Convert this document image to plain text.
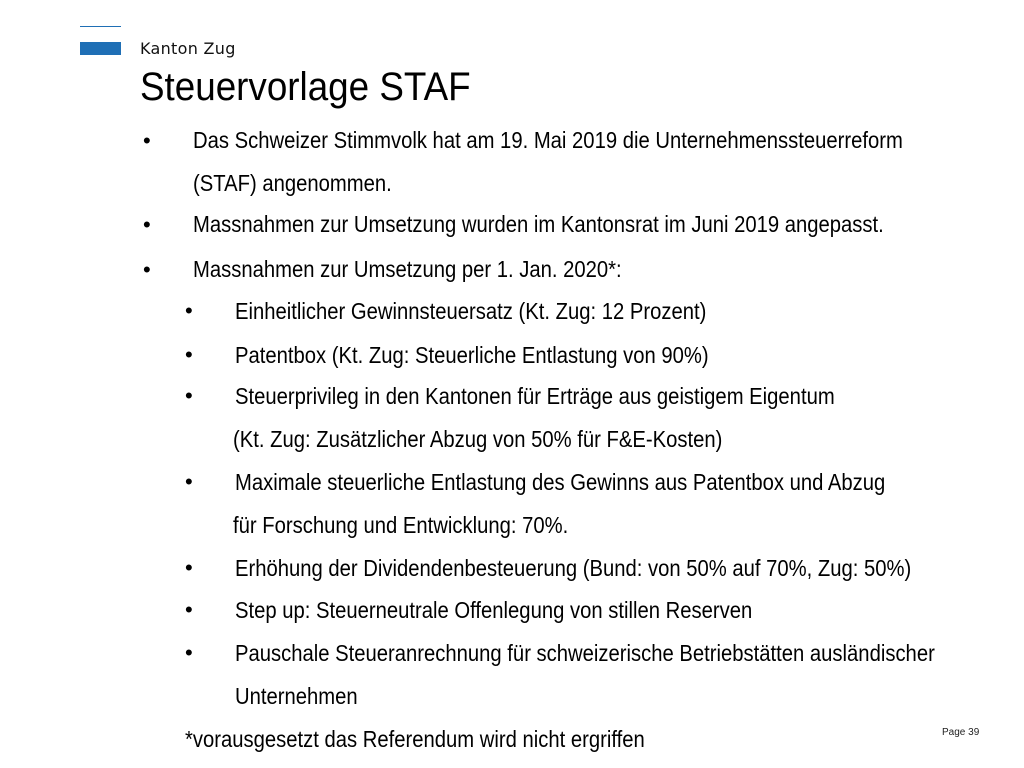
Kanton Zug
Steuervorlage STAF
• Das Schweizer Stimmvolk hat am 19. Mai 2019 die Unternehmenssteuerreform
(STAF) angenommen.
• Massnahmen zur Umsetzung wurden im Kantonsrat im Juni 2019 angepasst.
• Massnahmen zur Umsetzung per 1. Jan. 2020*:
• Einheitlicher Gewinnsteuersatz (Kt. Zug: 12 Prozent)
• Patentbox (Kt. Zug: Steuerliche Entlastung von 90%)
• Steuerprivileg in den Kantonen für Erträge aus geistigem Eigentum
(Kt. Zug: Zusätzlicher Abzug von 50% für F&E-Kosten)
• Maximale steuerliche Entlastung des Gewinns aus Patentbox und Abzug
für Forschung und Entwicklung: 70%.
• Erhöhung der Dividendenbesteuerung (Bund: von 50% auf 70%, Zug: 50%)
• Step up: Steuerneutrale Offenlegung von stillen Reserven
• Pauschale Steueranrechnung für schweizerische Betriebstätten ausländischer
Unternehmen
*vorausgesetzt das Referendum wird nicht ergriffen	Page 39
